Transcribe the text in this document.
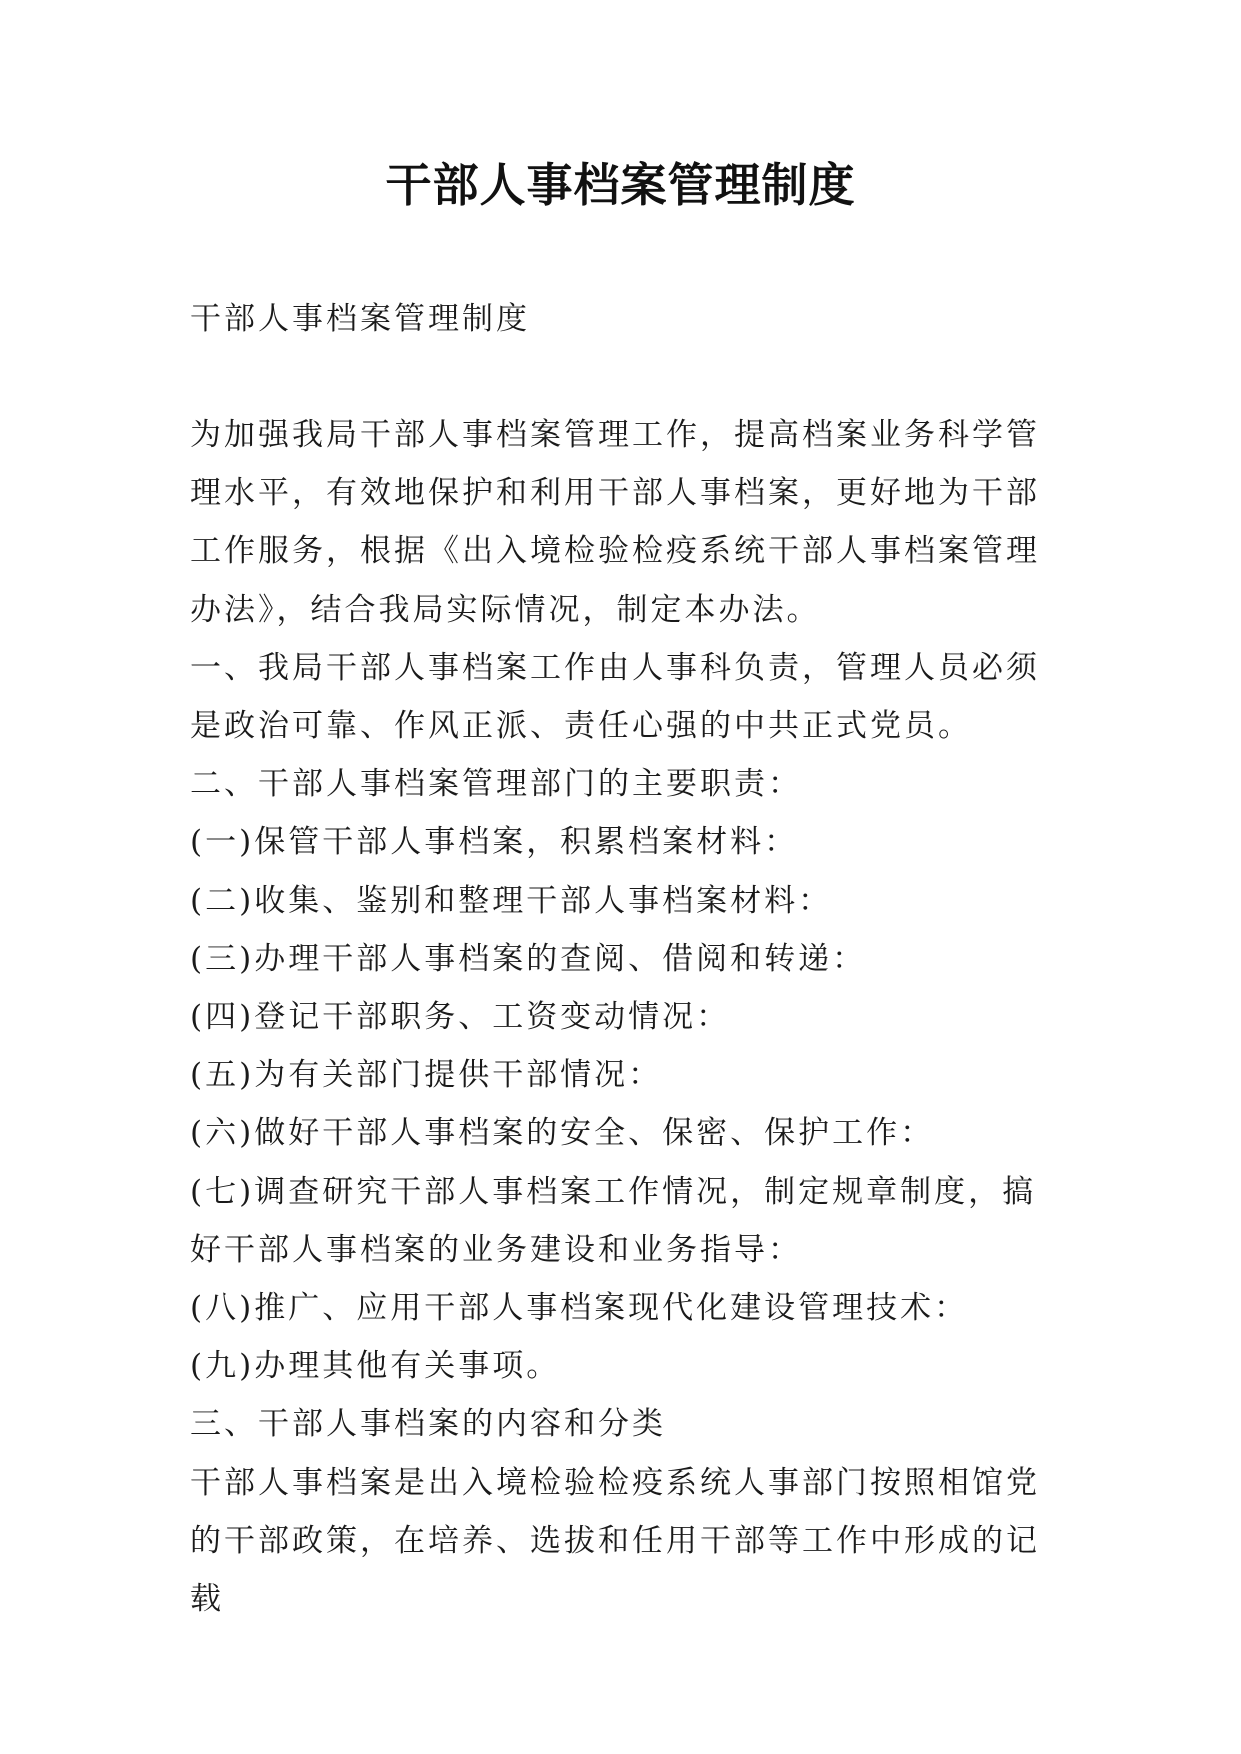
干部人事档案管理制度

干部人事档案管理制度

为加强我局干部人事档案管理工作，提高档案业务科学管理水平，有效地保护和利用干部人事档案，更好地为干部工作服务，根据《出入境检验检疫系统干部人事档案管理办法》，结合我局实际情况，制定本办法。

一、我局干部人事档案工作由人事科负责，管理人员必须是政治可靠、作风正派、责任心强的中共正式党员。

二、干部人事档案管理部门的主要职责：

(一)保管干部人事档案，积累档案材料：

(二)收集、鉴别和整理干部人事档案材料：

(三)办理干部人事档案的查阅、借阅和转递：

(四)登记干部职务、工资变动情况：

(五)为有关部门提供干部情况：

(六)做好干部人事档案的安全、保密、保护工作：

(七)调查研究干部人事档案工作情况，制定规章制度，搞好干部人事档案的业务建设和业务指导：

(八)推广、应用干部人事档案现代化建设管理技术：

(九)办理其他有关事项。

三、干部人事档案的内容和分类

干部人事档案是出入境检验检疫系统人事部门按照相馆党的干部政策，在培养、选拔和任用干部等工作中形成的记载
